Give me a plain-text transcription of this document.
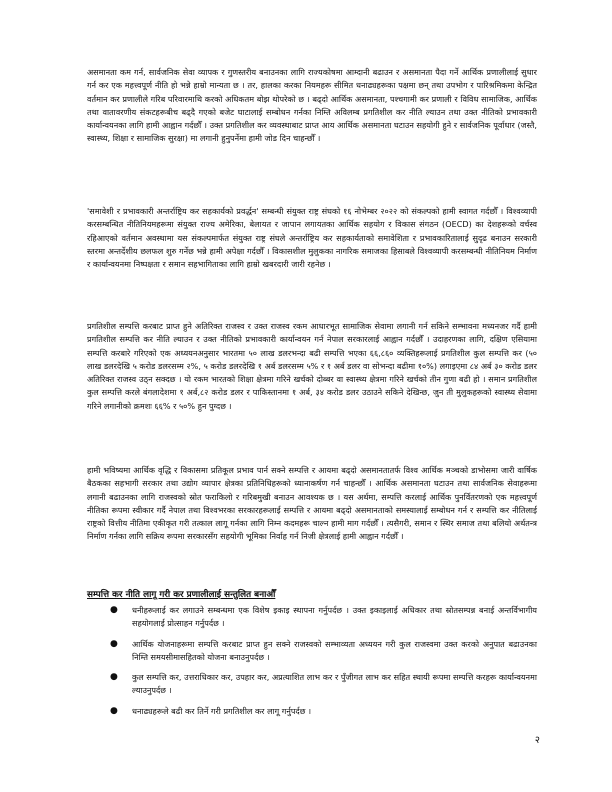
असमानता कम गर्न, सार्वजनिक सेवा व्यापक र गुणस्तरीय बनाउनका लागि राज्यकोषमा आम्दानी बढाउन र असमानता पैदा गर्ने आर्थिक प्रणालीलाई सुधार गर्न कर एक महत्त्वपूर्ण नीति हो भन्ने हाम्रो मान्यता छ । तर, हालका करका नियमहरू सीमित धनाढ्यहरूका पक्षमा छन् तथा उपभोग र पारिश्रमिकमा केन्द्रित वर्तमान कर प्रणालीले गरिब परिवारमाथि करको अधिकतम बोझ थोपरेको छ । बढ्दो आर्थिक असमानता, पश्चगामी कर प्रणाली र विविध सामाजिक, आर्थिक तथा वातावरणीय संकटहरूबीच बढ्दै गएको बजेट घाटालाई सम्बोधन गर्नका निम्ति अविलम्ब प्रगतिशील कर नीति ल्याउन तथा उक्त नीतिको प्रभावकारी कार्यान्वयनका लागि हामी आह्वान गर्दछौँ । उक्त प्रगतिशील कर व्यवस्थाबाट प्राप्त आय आर्थिक असमानता घटाउन सहयोगी हुने र सार्वजनिक पूर्वाधार (जस्तै, स्वास्थ्य, शिक्षा र सामाजिक सुरक्षा) मा लगानी हुनुपर्नेमा हामी जोड दिन चाहन्छौँ ।

'समावेशी र प्रभावकारी अन्तर्राष्ट्रिय कर सहकार्यको प्रवर्द्धन' सम्बन्धी संयुक्त राष्ट्र संघको १६ नोभेम्बर २०२२ को संकल्पको हामी स्वागत गर्दछौँ । विश्वव्यापी करसम्बन्धित नीतिनियमहरूमा संयुक्त राज्य अमेरिका, बेलायत र जापान लगायतका आर्थिक सहयोग र विकास संगठन (OECD) का देशहरूको वर्चस्व रहिआएको वर्तमान अवस्थामा यस संकल्पमार्फत संयुक्त राष्ट्र संघले अन्तर्राष्ट्रिय कर सहकार्यताको समावेशिता र प्रभावकारितालाई सुदृढ बनाउन सरकारी स्तरमा अन्तर्देशीय छलफल शुरु गर्नेछ भन्ने हामी अपेक्षा गर्दछौँ । विकासशील मुलुकका नागरिक समाजका हिसाबले विश्वव्यापी करसम्बन्धी नीतिनियम निर्माण र कार्यान्वयनमा निष्पक्षता र समान सहभागिताका लागि हाम्रो खबरदारी जारी रहनेछ ।

प्रगतिशील सम्पत्ति करबाट प्राप्त हुने अतिरिक्त राजस्व र उक्त राजस्व रकम आधारभूत सामाजिक सेवामा लगानी गर्न सकिने सम्भावना मध्यनजर गर्दै हामी प्रगतिशील सम्पत्ति कर नीति ल्याउन र उक्त नीतिको प्रभावकारी कार्यान्वयन गर्न नेपाल सरकारलाई आह्वान गर्दछौँ । उदाहरणका लागि, दक्षिण एसियामा सम्पत्ति करबारे गरिएको एक अध्ययनअनुसार भारतमा ५० लाख डलरभन्दा बढी सम्पत्ति भएका ६६,८६० व्यक्तिहरूलाई प्रगतिशील कुल सम्पत्ति कर (५० लाख डलरदेखि ५ करोड डलरसम्म २%, ५ करोड डलरदेखि १ अर्ब डलरसम्म ५% र १ अर्ब डलर वा सोभन्दा बढीमा १०%) लगाइएमा ८४ अर्ब ३० करोड डलर अतिरिक्त राजस्व उठ्न सक्दछ । यो रकम भारतको शिक्षा क्षेत्रमा गरिने खर्चको दोब्बर वा स्वास्थ्य क्षेत्रमा गरिने खर्चको तीन गुणा बढी हो । समान प्रगतिशील कुल सम्पत्ति करले बंगलादेशमा १ अर्ब,८२ करोड डलर र पाकिस्तानमा १ अर्ब, ३४ करोड डलर उठाउने सकिने देखिन्छ, जुन ती मुलुकहरूको स्वास्थ्य सेवामा गरिने लगानीको क्रमशः ६६% र ५०% हुन पुग्दछ ।

हामी भविष्यमा आर्थिक वृद्धि र विकासमा प्रतिकूल प्रभाव पार्न सक्ने सम्पत्ति र आयमा बढ्दो असमानतातर्फ विश्व आर्थिक मञ्चको डाभोसमा जारी वार्षिक बैठकका सहभागी सरकार तथा उद्योग व्यापार क्षेत्रका प्रतिनिधिहरूको ध्यानाकर्षण गर्न चाहन्छौँ । आर्थिक असमानता घटाउन तथा सार्वजनिक सेवाहरूमा लगानी बढाउनका लागि राजस्वको स्रोत फराकिलो र गरिबमुखी बनाउन आवश्यक छ । यस अर्थमा, सम्पत्ति करलाई आर्थिक पुनर्वितरणको एक महत्त्वपूर्ण नीतिका रूपमा स्वीकार गर्दै नेपाल तथा विश्वभरका सरकारहरूलाई सम्पत्ति र आयमा बढ्दो असमानताको समस्यालाई सम्बोधन गर्न र सम्पत्ति कर नीतिलाई राष्ट्रको वित्तीय नीतिमा एकीकृत गरी तत्काल लागू गर्नका लागि निम्न कदमहरू चाल्न हामी माग गर्दछौँ । त्यसैगरी, समान र स्थिर समाज तथा बलियो अर्थतन्त्र निर्माण गर्नका लागि सक्रिय रूपमा सरकारसँग सहयोगी भूमिका निर्वाह गर्न निजी क्षेत्रलाई हामी आह्वान गर्दछौँ ।

सम्पत्ति कर नीति लागू गरी कर प्रणालीलाई सन्तुलित बनाऔँ
● धनीहरूलाई कर लगाउने सम्बन्धमा एक विशेष इकाइ स्थापना गर्नुपर्दछ । उक्त इकाइलाई अधिकार तथा स्रोतसम्पन्न बनाई अन्तर्विभागीय सहयोगलाई प्रोत्साहन गर्नुपर्दछ ।
● आर्थिक योजनाहरूमा सम्पत्ति करबाट प्राप्त हुन सक्ने राजस्वको सम्भाव्यता अध्ययन गरी कुल राजस्वमा उक्त करको अनुपात बढाउनका निम्ति समयसीमासहितको योजना बनाउनुपर्दछ ।
● कुल सम्पत्ति कर, उत्तराधिकार कर, उपहार कर, अप्रत्याशित लाभ कर र पुँजीगत लाभ कर सहित स्थायी रूपमा सम्पत्ति करहरू कार्यान्वयनमा ल्याउनुपर्दछ ।
● धनाढ्यहरूले बढी कर तिर्ने गरी प्रगतिशील कर लागू गर्नुपर्दछ ।
२
